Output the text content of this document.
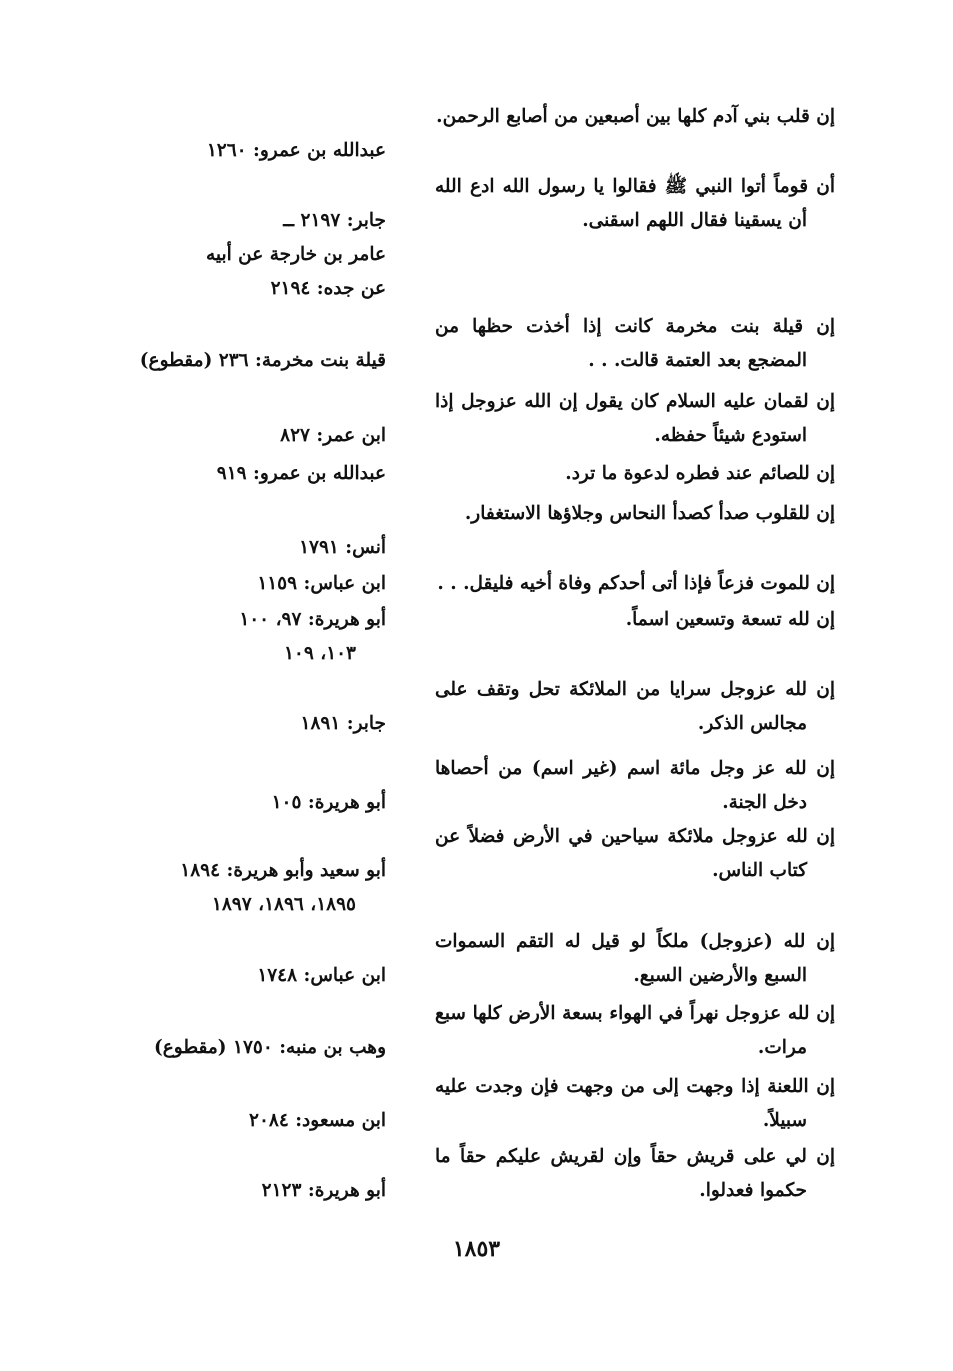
إن قلب بني آدم كلها بين أصبعين من أصابع الرحمن.
عبدالله بن عمرو: ١٢٦٠
أن قوماً أتوا النبي ﷺ فقالوا يا رسول الله ادع الله أن يسقينا فقال اللهم اسقنى.
جابر: ٢١٩٧ ــ
عامر بن خارجة عن أبيه
عن جده: ٢١٩٤
إن قيلة بنت مخرمة كانت إذا أخذت حظها من المضجع بعد العتمة قالت. . .
قيلة بنت مخرمة: ٢٣٦ (مقطوع)
إن لقمان عليه السلام كان يقول إن الله عزوجل إذا استودع شيئاً حفظه.
ابن عمر: ٨٢٧
إن للصائم عند فطره لدعوة ما ترد.
عبدالله بن عمرو: ٩١٩
إن للقلوب صدأ كصدأ النحاس وجلاؤها الاستغفار.
أنس: ١٧٩١
إن للموت فزعاً فإذا أتى أحدكم وفاة أخيه فليقل. . .
ابن عباس: ١١٥٩
إن لله تسعة وتسعين اسماً.
أبو هريرة: ٩٧، ١٠٠
١٠٣، ١٠٩
إن لله عزوجل سرايا من الملائكة تحل وتقف على مجالس الذكر.
جابر: ١٨٩١
إن لله عز وجل مائة اسم (غير اسم) من أحصاها دخل الجنة.
أبو هريرة: ١٠٥
إن لله عزوجل ملائكة سياحين في الأرض فضلاً عن كتاب الناس.
أبو سعيد وأبو هريرة: ١٨٩٤
١٨٩٥، ١٨٩٦، ١٨٩٧
إن لله (عزوجل) ملكاً لو قيل له التقم السموات السبع والأرضين السبع.
ابن عباس: ١٧٤٨
إن لله عزوجل نهراً في الهواء بسعة الأرض كلها سبع مرات.
وهب بن منبه: ١٧٥٠ (مقطوع)
إن اللعنة إذا وجهت إلى من وجهت فإن وجدت عليه سبيلاً.
ابن مسعود: ٢٠٨٤
إن لي على قريش حقاً وإن لقريش عليكم حقاً ما حكموا فعدلوا.
أبو هريرة: ٢١٢٣
١٨٥٣
